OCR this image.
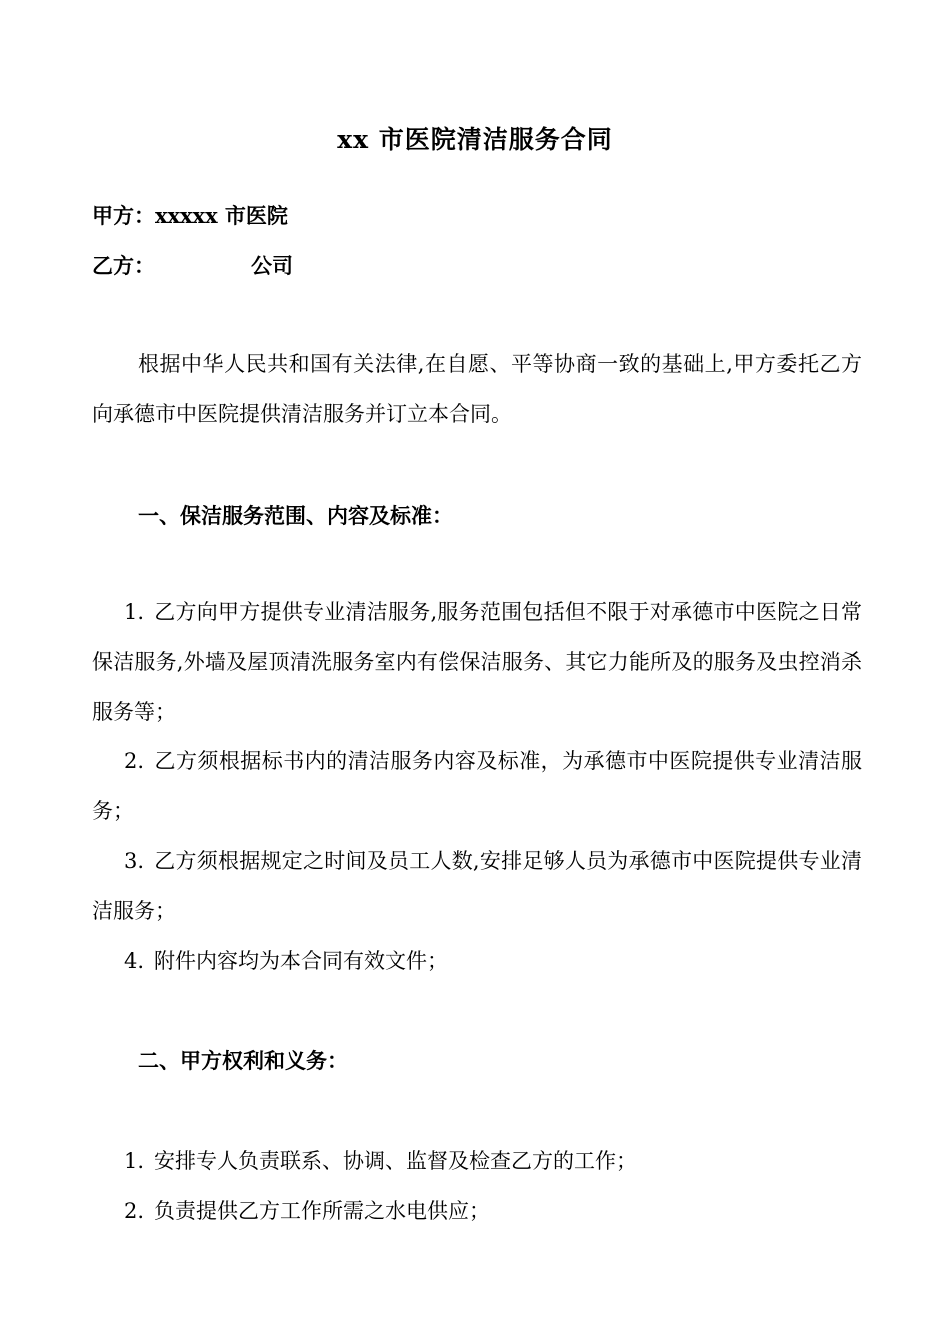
xx 市医院清洁服务合同
甲方：xxxxx 市医院
乙方：	公司
根据中华人民共和国有关法律,在自愿、平等协商一致的基础上,甲方委托乙方向承德市中医院提供清洁服务并订立本合同。
一、保洁服务范围、内容及标准：
1. 乙方向甲方提供专业清洁服务,服务范围包括但不限于对承德市中医院之日常保洁服务,外墙及屋顶清洗服务室内有偿保洁服务、其它力能所及的服务及虫控消杀服务等；
2. 乙方须根据标书内的清洁服务内容及标准，为承德市中医院提供专业清洁服务；
3. 乙方须根据规定之时间及员工人数,安排足够人员为承德市中医院提供专业清洁服务；
4. 附件内容均为本合同有效文件；
二、甲方权利和义务：
1. 安排专人负责联系、协调、监督及检查乙方的工作；
2. 负责提供乙方工作所需之水电供应；
